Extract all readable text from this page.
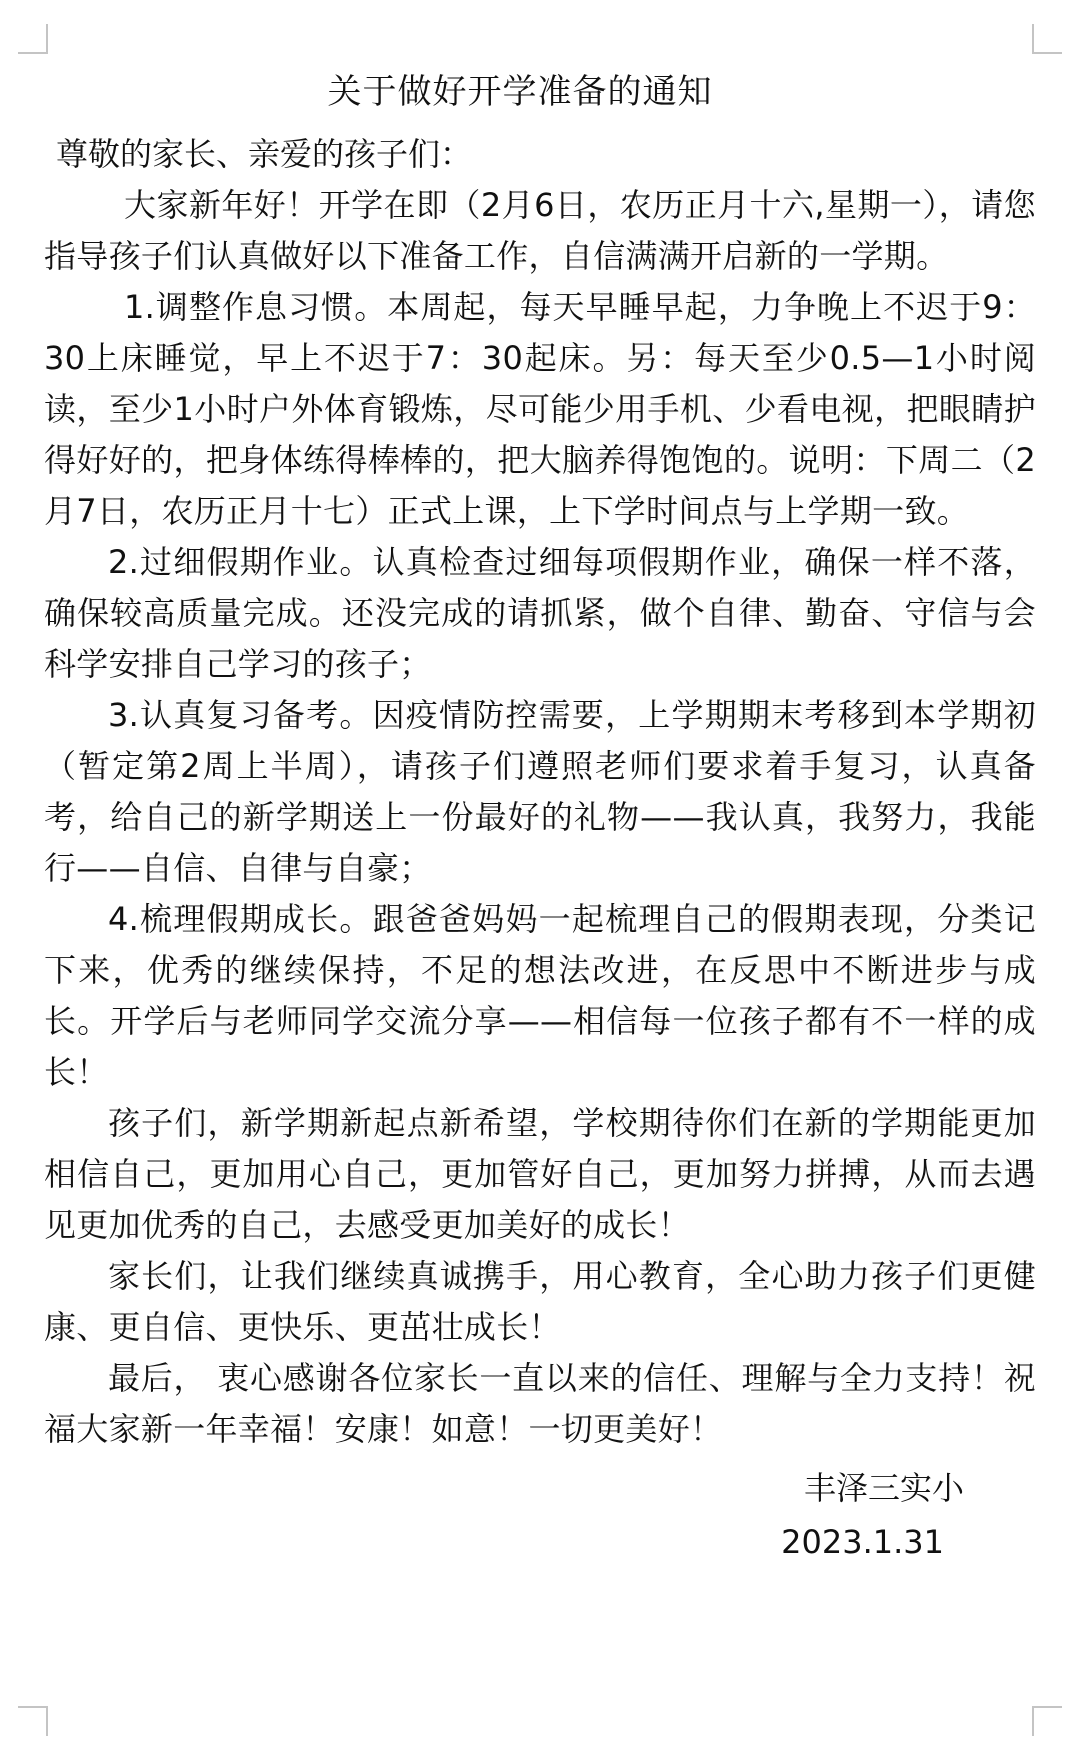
关于做好开学准备的通知
尊敬的家长、亲爱的孩子们：

大家新年好！开学在即（2月6日，农历正月十六,星期一），请您指导孩子们认真做好以下准备工作，自信满满开启新的一学期。

1.调整作息习惯。本周起，每天早睡早起，力争晚上不迟于9：30上床睡觉，早上不迟于7：30起床。另：每天至少0.5—1小时阅读，至少1小时户外体育锻炼，尽可能少用手机、少看电视，把眼睛护得好好的，把身体练得棒棒的，把大脑养得饱饱的。说明：下周二（2月7日，农历正月十七）正式上课，上下学时间点与上学期一致。

2.过细假期作业。认真检查过细每项假期作业，确保一样不落，确保较高质量完成。还没完成的请抓紧，做个自律、勤奋、守信与会科学安排自己学习的孩子；

3.认真复习备考。因疫情防控需要，上学期期末考移到本学期初（暂定第2周上半周），请孩子们遵照老师们要求着手复习，认真备考，给自己的新学期送上一份最好的礼物——我认真，我努力，我能行——自信、自律与自豪；

4.梳理假期成长。跟爸爸妈妈一起梳理自己的假期表现，分类记下来，优秀的继续保持，不足的想法改进，在反思中不断进步与成长。开学后与老师同学交流分享——相信每一位孩子都有不一样的成长！

孩子们，新学期新起点新希望，学校期待你们在新的学期能更加相信自己，更加用心自己，更加管好自己，更加努力拼搏，从而去遇见更加优秀的自己，去感受更加美好的成长！

家长们，让我们继续真诚携手，用心教育，全心助力孩子们更健康、更自信、更快乐、更茁壮成长！

最后， 衷心感谢各位家长一直以来的信任、理解与全力支持！祝福大家新一年幸福！安康！如意！一切更美好！

丰泽三实小
2023.1.31
